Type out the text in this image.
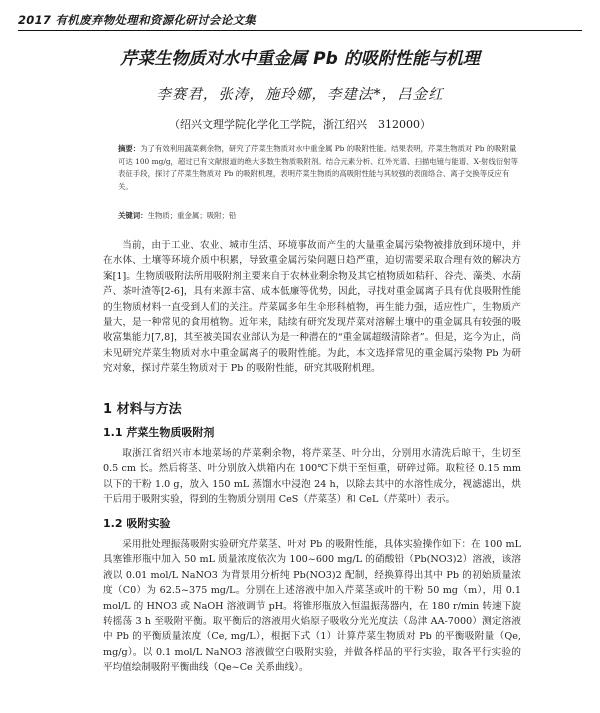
2017 有机废弃物处理和资源化研讨会论文集
芹菜生物质对水中重金属 Pb 的吸附性能与机理
李赛君，张涛，施玲娜，李建法*，吕金红
（绍兴文理学院化学化工学院，浙江绍兴　312000）
摘要：为了有效利用蔬菜剩余物，研究了芹菜生物质对水中重金属 Pb 的吸附性能。结果表明，芹菜生物质对 Pb 的吸附量可达 100 mg/g，超过已有文献报道的绝大多数生物质吸附剂。结合元素分析、红外光谱、扫描电镜与能谱、X-射线衍射等表征手段，探讨了芹菜生物质对 Pb 的吸附机理，表明芹菜生物质的高吸附性能与其较强的表面络合、离子交换等反应有关。
关键词：生物质；重金属；吸附；铅
当前，由于工业、农业、城市生活、环境事故而产生的大量重金属污染物被排放到环境中，并在水体、土壤等环境介质中积累，导致重金属污染问题日趋严重，迫切需要采取合理有效的解决方案[1]。生物质吸附法所用吸附剂主要来自于农林业剩余物及其它植物质如秸秆、谷壳、藻类、水葫芦、茶叶渣等[2-6]，具有来源丰富、成本低廉等优势，因此，寻找对重金属离子具有优良吸附性能的生物质材料一直受到人们的关注。芹菜属多年生伞形科植物，再生能力强，适应性广，生物质产量大，是一种常见的食用植物。近年来，陆续有研究发现芹菜对溶解土壤中的重金属具有较强的吸收富集能力[7,8]，其至被美国农业部认为是一种潜在的“重金属超级清除者”。但是，迄今为止，尚未见研究芹菜生物质对水中重金属离子的吸附性能。为此，本文选择常见的重金属污染物 Pb 为研究对象，探讨芹菜生物质对于 Pb 的吸附性能，研究其吸附机理。
1 材料与方法
1.1 芹菜生物质吸附剂
取浙江省绍兴市本地菜场的芹菜剩余物，将芹菜茎、叶分出，分别用水清洗后晾干，生切至 0.5 cm 长。然后将茎、叶分别放入烘箱内在 100℃下烘干至恒重，研碎过筛。取粒径 0.15 mm 以下的干粉 1.0 g，放入 150 mL 蒸馏水中浸泡 24 h，以除去其中的水溶性成分，视滤滤出，烘干后用于吸附实验，得到的生物质分别用 CeS（芹菜茎）和 CeL（芹菜叶）表示。
1.2 吸附实验
采用批处理振荡吸附实验研究芹菜茎、叶对 Pb 的吸附性能，具体实验操作如下：在 100 mL 具塞锥形瓶中加入 50 mL 质量浓度依次为 100~600 mg/L 的硝酸铅（Pb(NO3)2）溶液，该溶液以 0.01 mol/L NaNO3 为背景用分析纯 Pb(NO3)2 配制，经换算得出其中 Pb 的初始质量浓度（C0）为 62.5~375 mg/L。分别在上述溶液中加入芹菜茎或叶的干粉 50 mg（m），用 0.1 mol/L 的 HNO3 或 NaOH 溶液调节 pH。将锥形瓶放入恒温振荡器内，在 180 r/min 转速下旋转摇荡 3 h 至吸附平衡。取平衡后的溶液用火焰原子吸收分光光度法（岛津 AA-7000）测定溶液中 Pb 的平衡质量浓度（Ce, mg/L），根据下式（1）计算芹菜生物质对 Pb 的平衡吸附量（Qe, mg/g）。以 0.1 mol/L NaNO3 溶液做空白吸附实验，并做各样品的平行实验，取各平行实验的平均值绘制吸附平衡曲线（Qe~Ce 关系曲线）。
